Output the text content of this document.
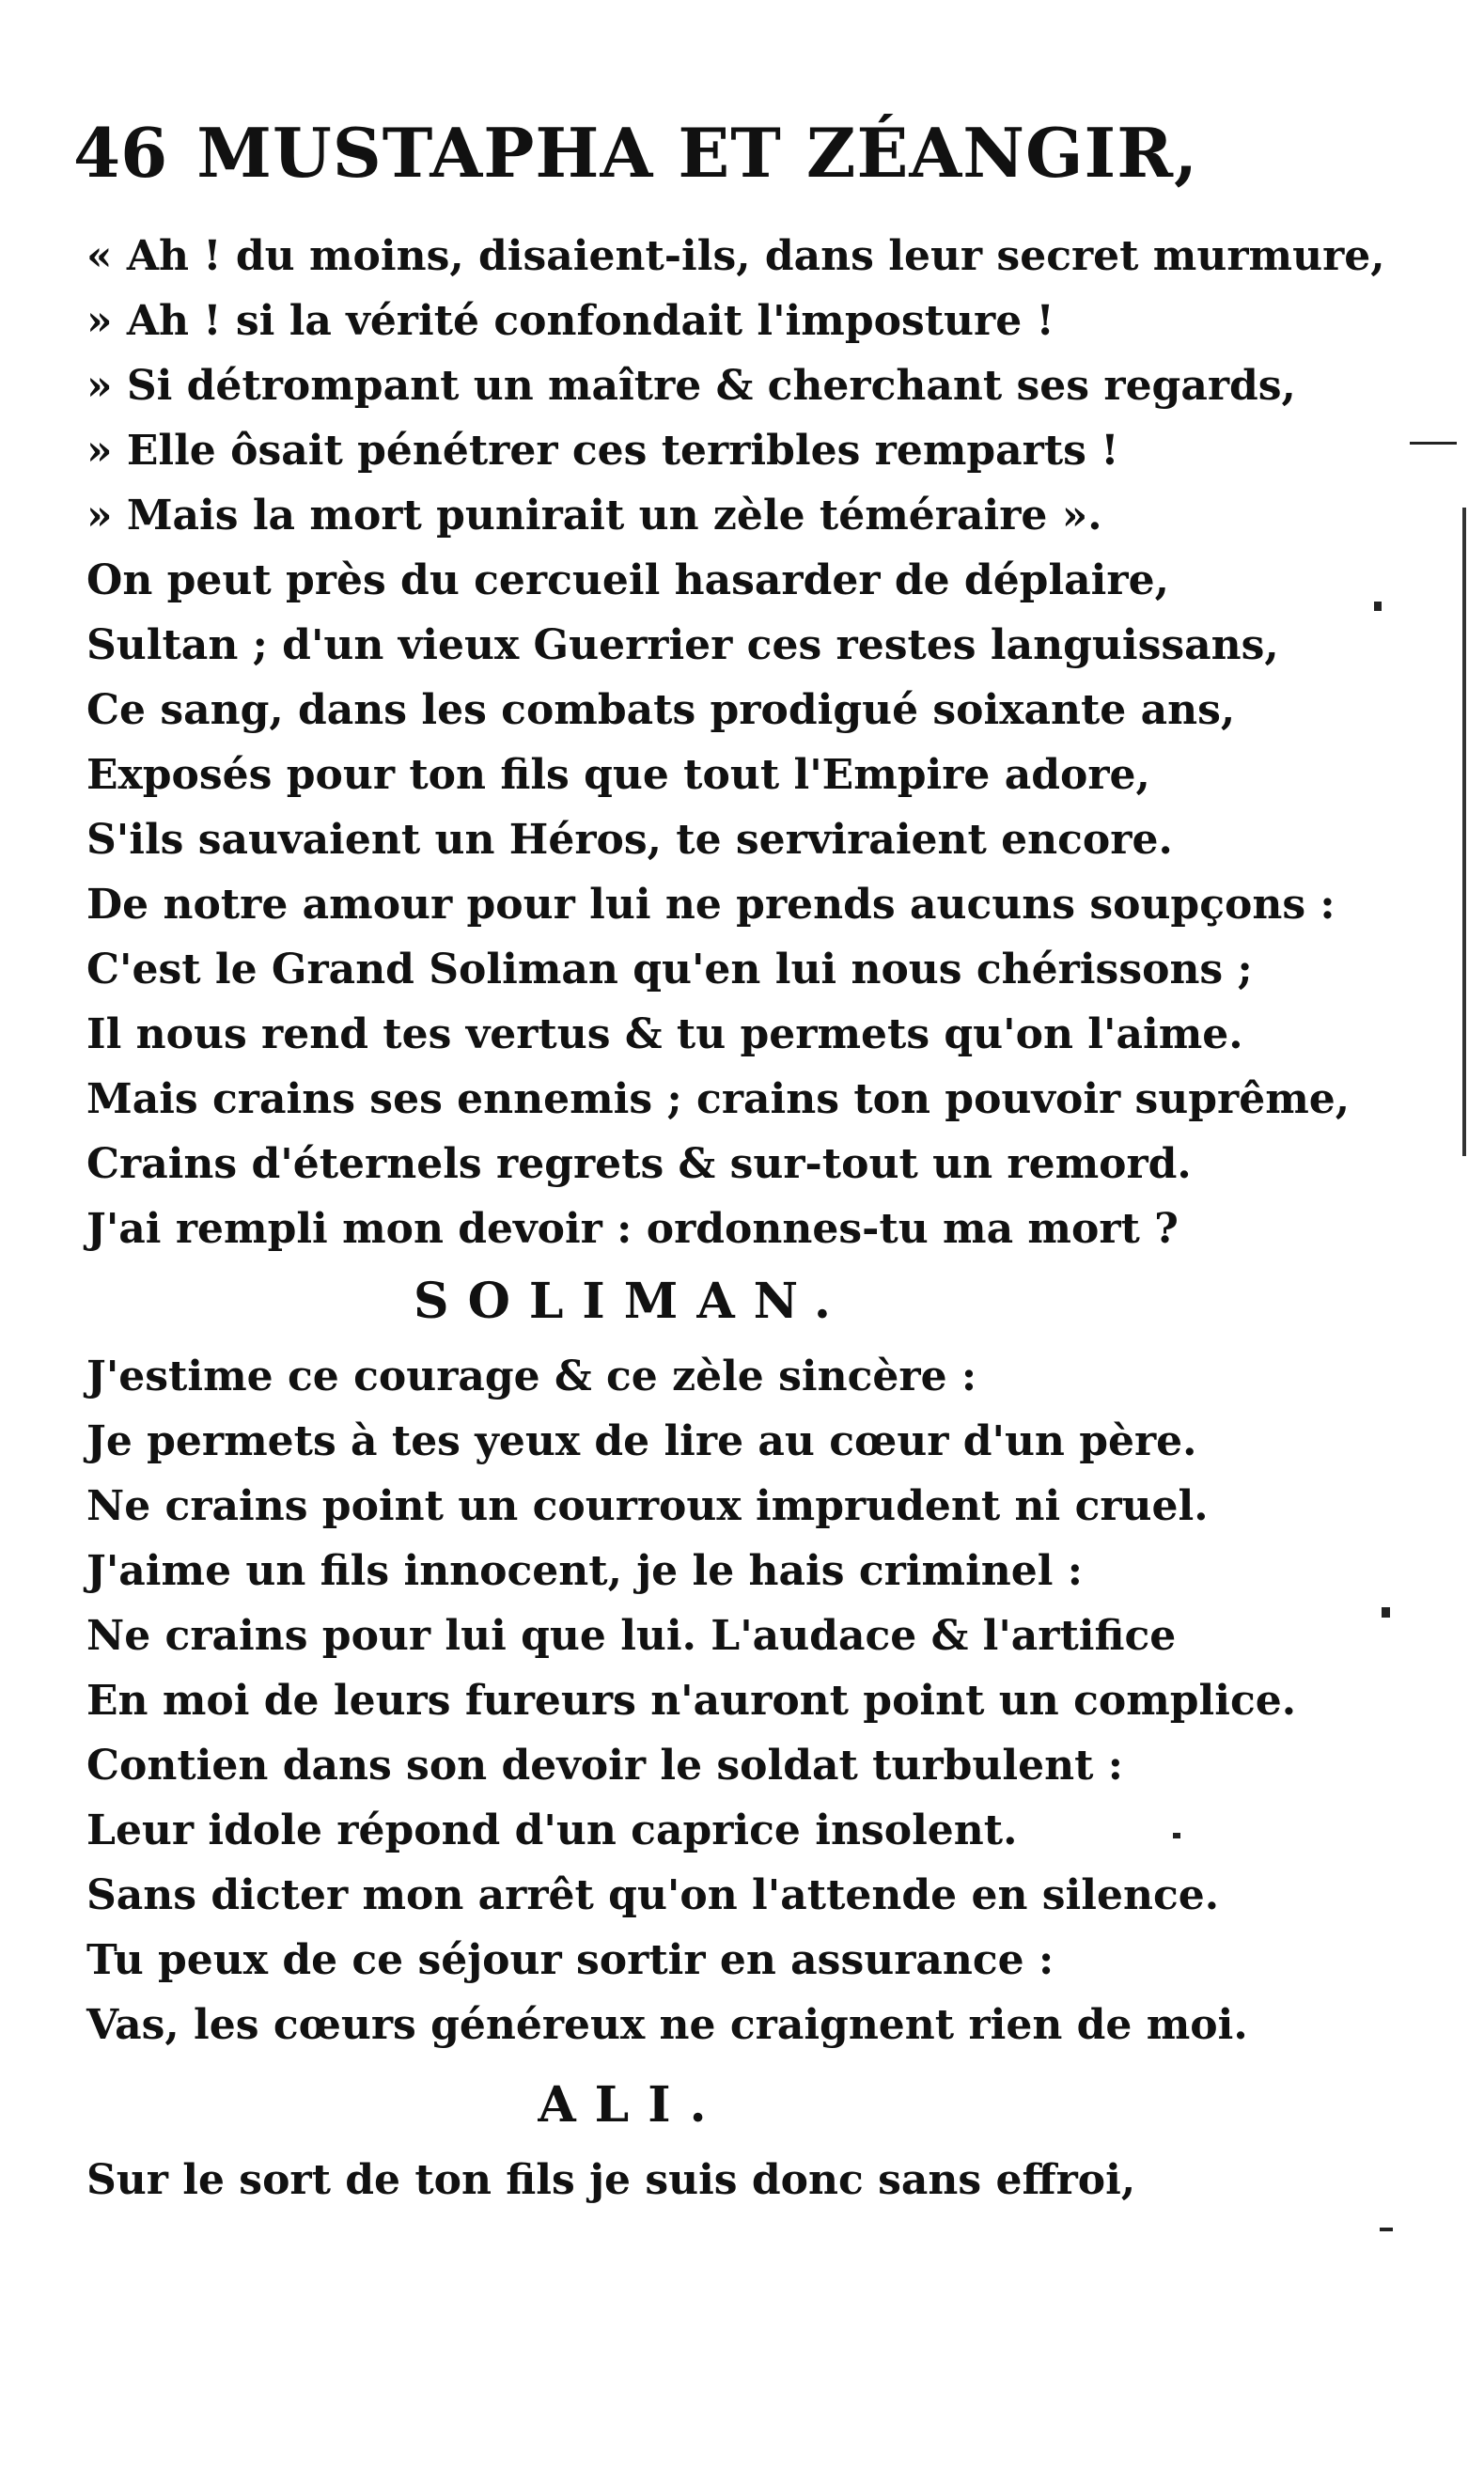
46 MUSTAPHA ET ZÉANGIR,
« Ah ! du moins, disaient-ils, dans leur secret murmure,
» Ah ! si la vérité confondait l'imposture !
» Si détrompant un maître & cherchant ses regards,
» Elle ôsait pénétrer ces terribles remparts !
» Mais la mort punirait un zèle téméraire ».
On peut près du cercueil hasarder de déplaire,
Sultan ; d'un vieux Guerrier ces restes languissans,
Ce sang, dans les combats prodigué soixante ans,
Exposés pour ton fils que tout l'Empire adore,
S'ils sauvaient un Héros, te serviraient encore.
De notre amour pour lui ne prends aucuns soupçons :
C'est le Grand Soliman qu'en lui nous chérissons ;
Il nous rend tes vertus & tu permets qu'on l'aime.
Mais crains ses ennemis ; crains ton pouvoir suprême,
Crains d'éternels regrets & sur-tout un remord.
J'ai rempli mon devoir : ordonnes-tu ma mort ?
SOLIMAN.
J'estime ce courage & ce zèle sincère :
Je permets à tes yeux de lire au cœur d'un père.
Ne crains point un courroux imprudent ni cruel.
J'aime un fils innocent, je le hais criminel :
Ne crains pour lui que lui. L'audace & l'artifice
En moi de leurs fureurs n'auront point un complice.
Contien dans son devoir le soldat turbulent :
Leur idole répond d'un caprice insolent.
Sans dicter mon arrêt qu'on l'attende en silence.
Tu peux de ce séjour sortir en assurance :
Vas, les cœurs généreux ne craignent rien de moi.
ALI.
Sur le sort de ton fils je suis donc sans effroi,
